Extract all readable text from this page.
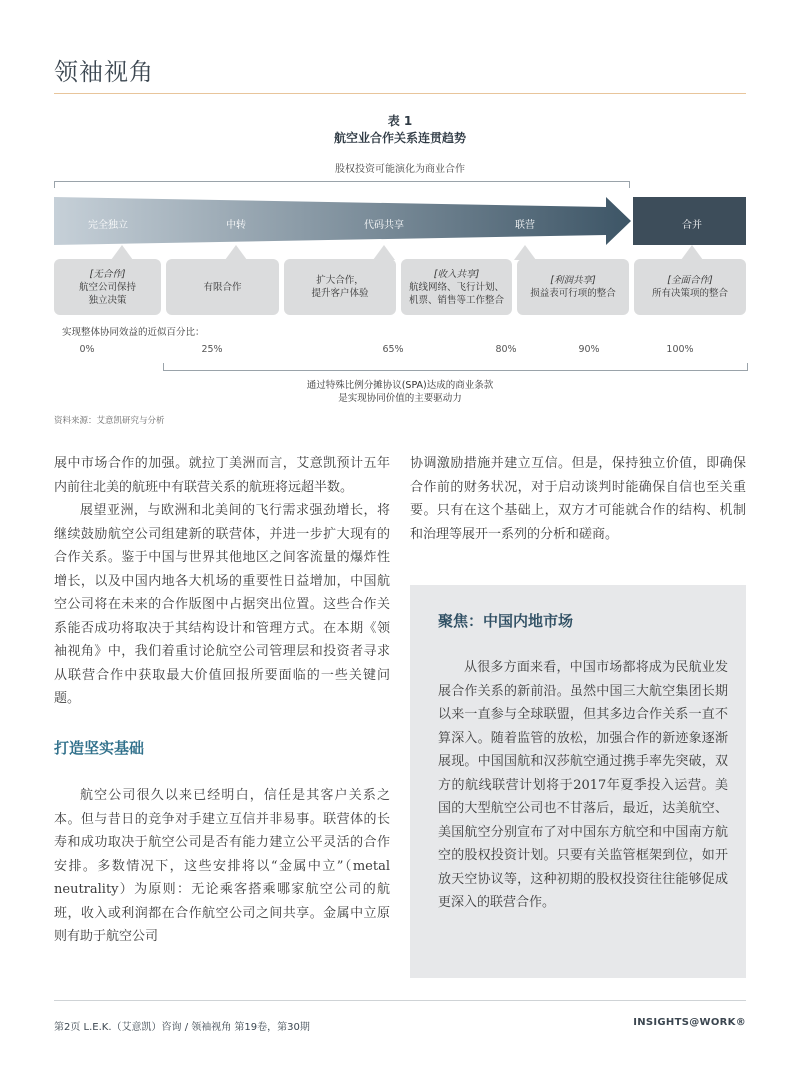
领袖视角
表 1
航空业合作关系连贯趋势
股权投资可能演化为商业合作
完全独立	中转	代码共享	联营	合并
[无合作]
航空公司保持
独立决策
有限合作
扩大合作，
提升客户体验
[收入共享]
航线网络、飞行计划、
机票、销售等工作整合
[利润共享]
损益表可行项的整合
[全面合作]
所有决策项的整合
实现整体协同效益的近似百分比：
0%	25%	65%	80%	90%	100%
通过特殊比例分摊协议(SPA)达成的商业条款
是实现协同价值的主要驱动力
资料来源：艾意凯研究与分析

展中市场合作的加强。就拉丁美洲而言，艾意凯预计五年内前往北美的航班中有联营关系的航班将远超半数。

展望亚洲，与欧洲和北美间的飞行需求强劲增长，将继续鼓励航空公司组建新的联营体，并进一步扩大现有的合作关系。鉴于中国与世界其他地区之间客流量的爆炸性增长，以及中国内地各大机场的重要性日益增加，中国航空公司将在未来的合作版图中占据突出位置。这些合作关系能否成功将取决于其结构设计和管理方式。在本期《领袖视角》中，我们着重讨论航空公司管理层和投资者寻求从联营合作中获取最大价值回报所要面临的一些关键问题。

打造坚实基础

航空公司很久以来已经明白，信任是其客户关系之本。但与昔日的竞争对手建立互信并非易事。联营体的长寿和成功取决于航空公司是否有能力建立公平灵活的合作安排。多数情况下，这些安排将以“金属中立”（metal neutrality）为原则：无论乘客搭乘哪家航空公司的航班，收入或利润都在合作航空公司之间共享。金属中立原则有助于航空公司

协调激励措施并建立互信。但是，保持独立价值，即确保合作前的财务状况，对于启动谈判时能确保自信也至关重要。只有在这个基础上，双方才可能就合作的结构、机制和治理等展开一系列的分析和磋商。

聚焦：中国内地市场

从很多方面来看，中国市场都将成为民航业发展合作关系的新前沿。虽然中国三大航空集团长期以来一直参与全球联盟，但其多边合作关系一直不算深入。随着监管的放松，加强合作的新迹象逐渐展现。中国国航和汉莎航空通过携手率先突破，双方的航线联营计划将于2017年夏季投入运营。美国的大型航空公司也不甘落后，最近，达美航空、美国航空分别宣布了对中国东方航空和中国南方航空的股权投资计划。只要有关监管框架到位，如开放天空协议等，这种初期的股权投资往往能够促成更深入的联营合作。

第2页 L.E.K.（艾意凯）咨询 / 领袖视角 第19卷，第30期	INSIGHTS@WORK®
